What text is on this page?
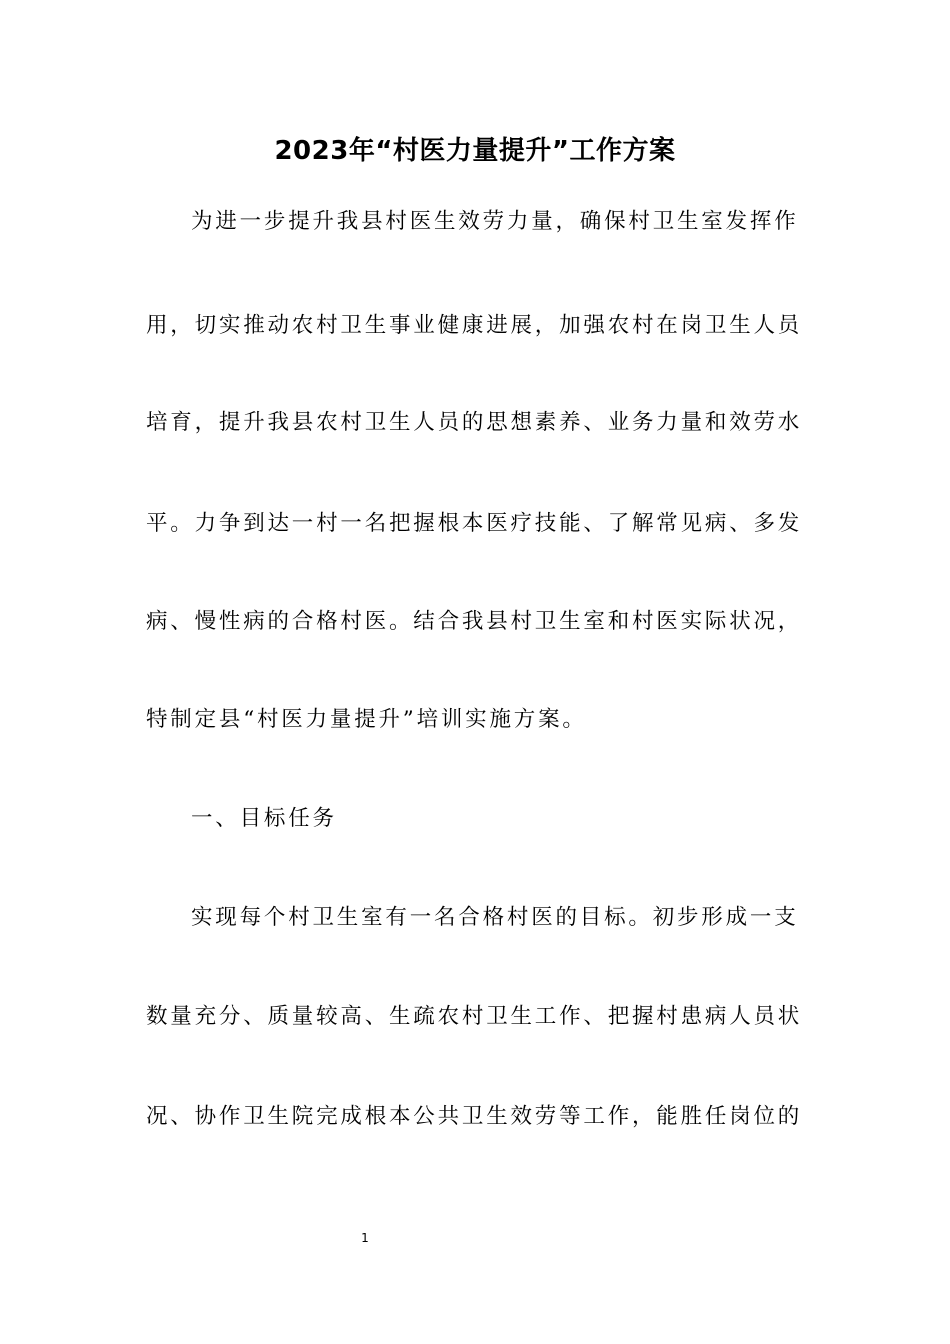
2023年“村医力量提升”工作方案

为进一步提升我县村医生效劳力量，确保村卫生室发挥作

用，切实推动农村卫生事业健康进展，加强农村在岗卫生人员

培育，提升我县农村卫生人员的思想素养、业务力量和效劳水

平。力争到达一村一名把握根本医疗技能、了解常见病、多发

病、慢性病的合格村医。结合我县村卫生室和村医实际状况，

特制定县“村医力量提升”培训实施方案。

一、目标任务

实现每个村卫生室有一名合格村医的目标。初步形成一支

数量充分、质量较高、生疏农村卫生工作、把握村患病人员状

况、协作卫生院完成根本公共卫生效劳等工作，能胜任岗位的

1
